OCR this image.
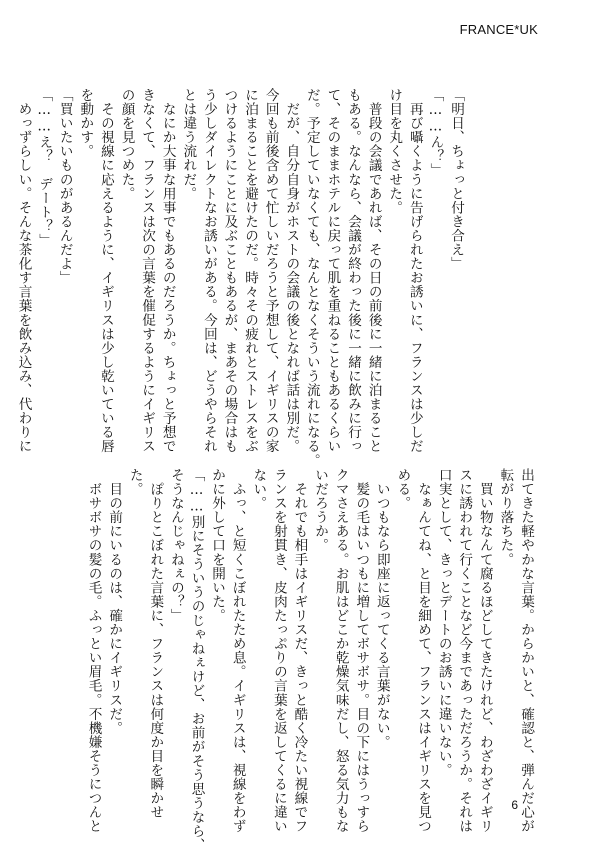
FRANCE*UK

「明日、ちょっと付き合え」

「……ん？」

　再び囁くように告げられたお誘いに、フランスは少しだ

け目を丸くさせた。

　普段の会議であれば、その日の前後に一緒に泊まること

もある。なんなら、会議が終わった後に一緒に飲みに行っ

て、そのままホテルに戻って肌を重ねることもあるくらい

だ。予定していなくても、なんとなくそういう流れになる。

　だが、自分自身がホストの会議の後となれば話は別だ。

今回も前後含めて忙しいだろうと予想して、イギリスの家

に泊まることを避けたのだ。時々その疲れとストレスをぶ

つけるようにことに及ぶこともあるが、まあその場合はも

う少しダイレクトなお誘いがある。今回は、どうやらそれ

とは違う流れだ。

　なにか大事な用事でもあるのだろうか。ちょっと予想で

きなくて、フランスは次の言葉を催促するようにイギリス

の顔を見つめた。

　その視線に応えるように、イギリスは少し乾いている唇

を動かす。

「買いたいものがあるんだよ」

「……え？　デート？」

　めっずらしい。そんな茶化す言葉を飲み込み、代わりに

出てきた軽やかな言葉。からかいと、確認と、弾んだ心が

転がり落ちた。

　買い物なんて腐るほどしてきたけれど、わざわざイギリ

スに誘われて行くことなど今まであっただろうか。それは

口実として、きっとデートのお誘いに違いない。

　なぁんてね、と目を細めて、フランスはイギリスを見つ

める。

　いつもなら即座に返ってくる言葉がない。

　髪の毛はいつもに増してボサボサ。目の下にはうっすら

クマさえある。お肌はどこか乾燥気味だし、怒る気力もな

いだろうか。

　それでも相手はイギリスだ、きっと酷く冷たい視線でフ

ランスを射貫き、皮肉たっぷりの言葉を返してくるに違い

ない。

　ふっ、と短くこぼれたため息。イギリスは、視線をわず

かに外して口を開いた。

「……別にそういうのじゃねぇけど、お前がそう思うなら、

そうなんじゃねぇの？」

　ぽりとこぼれた言葉に、フランスは何度か目を瞬かせ

た。

　目の前にいるのは、確かにイギリスだ。

　ボサボサの髪の毛。ふっとい眉毛。不機嫌そうにつんと	6
